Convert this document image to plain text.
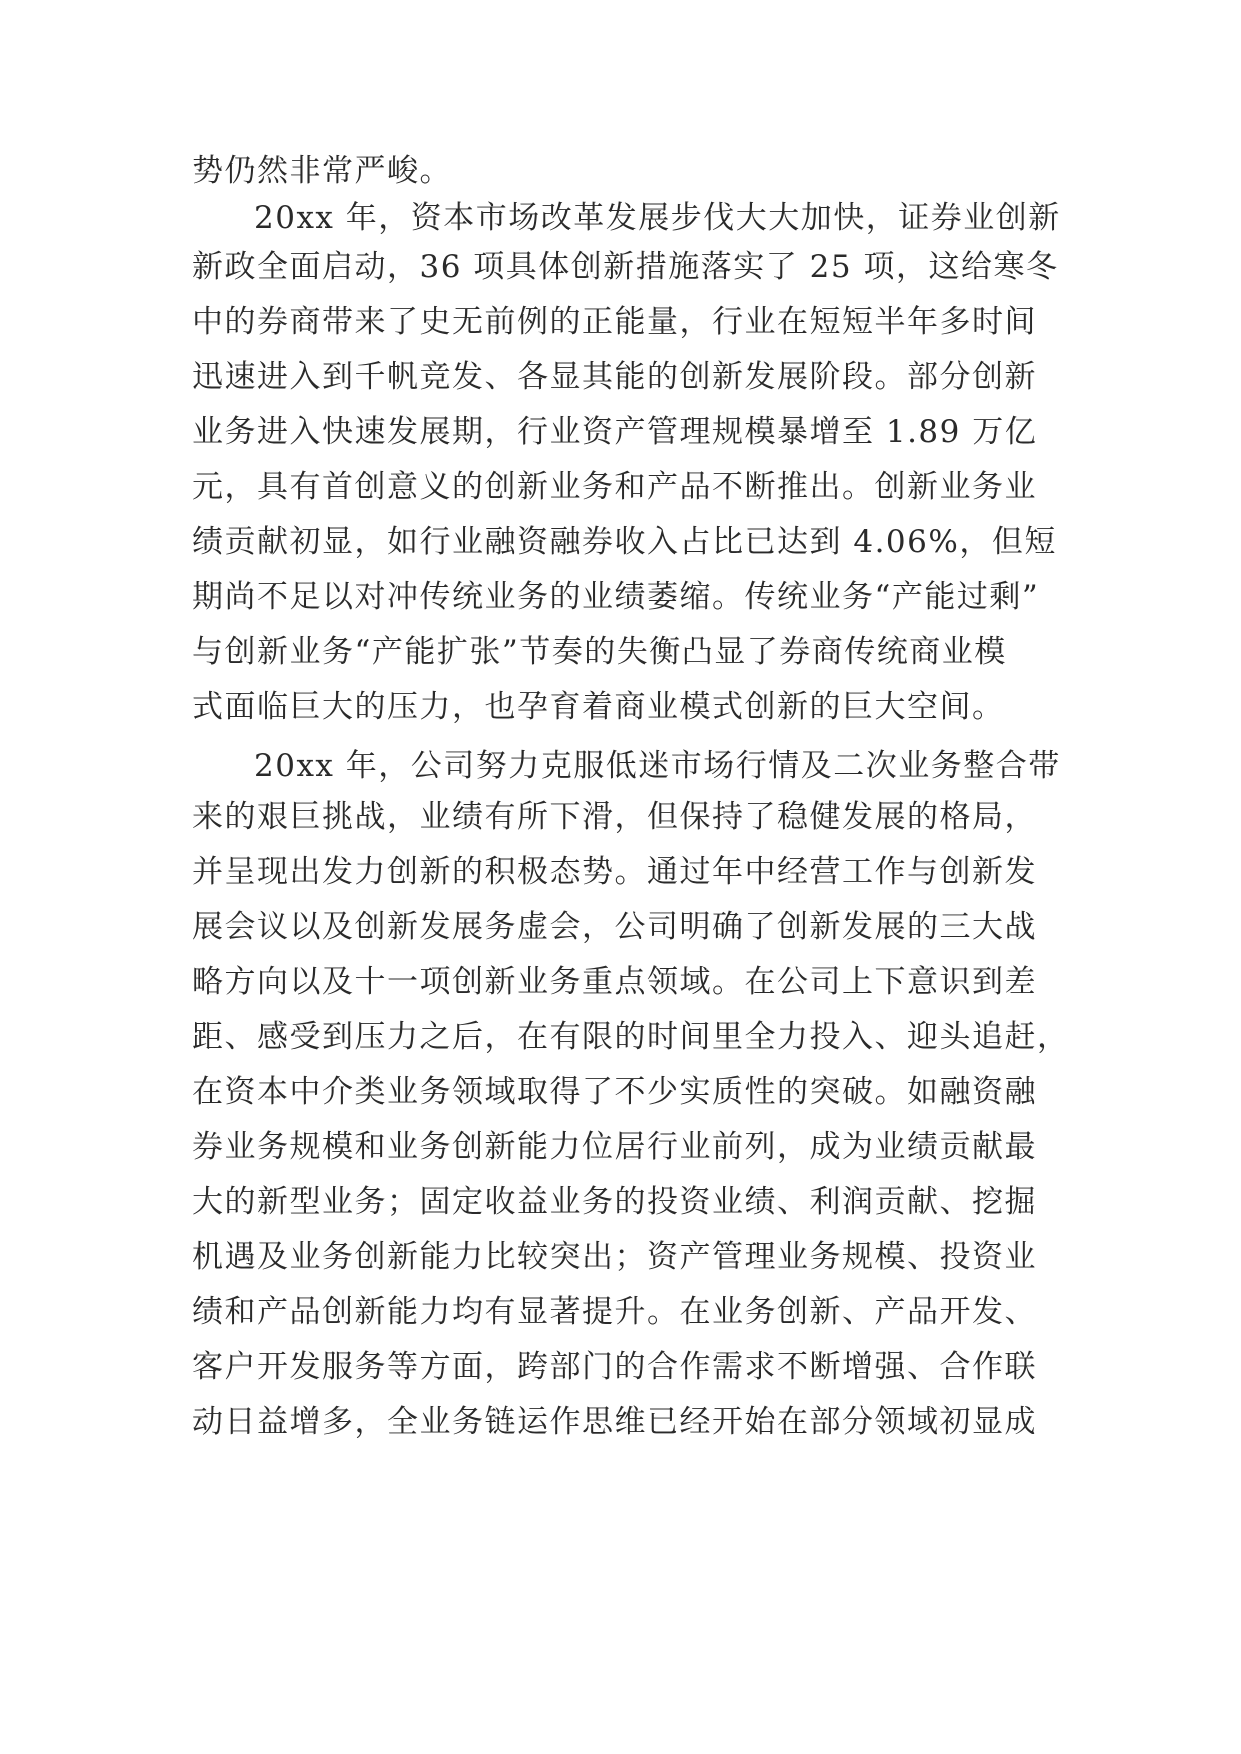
势仍然非常严峻。
20xx 年，资本市场改革发展步伐大大加快，证券业创新
新政全面启动，36 项具体创新措施落实了 25 项，这给寒冬
中的券商带来了史无前例的正能量，行业在短短半年多时间
迅速进入到千帆竞发、各显其能的创新发展阶段。部分创新
业务进入快速发展期，行业资产管理规模暴增至 1.89 万亿
元，具有首创意义的创新业务和产品不断推出。创新业务业
绩贡献初显，如行业融资融券收入占比已达到 4.06%，但短
期尚不足以对冲传统业务的业绩萎缩。传统业务“产能过剩”
与创新业务“产能扩张”节奏的失衡凸显了券商传统商业模
式面临巨大的压力，也孕育着商业模式创新的巨大空间。
20xx 年，公司努力克服低迷市场行情及二次业务整合带
来的艰巨挑战，业绩有所下滑，但保持了稳健发展的格局，
并呈现出发力创新的积极态势。通过年中经营工作与创新发
展会议以及创新发展务虚会，公司明确了创新发展的三大战
略方向以及十一项创新业务重点领域。在公司上下意识到差
距、感受到压力之后，在有限的时间里全力投入、迎头追赶，
在资本中介类业务领域取得了不少实质性的突破。如融资融
券业务规模和业务创新能力位居行业前列，成为业绩贡献最
大的新型业务；固定收益业务的投资业绩、利润贡献、挖掘
机遇及业务创新能力比较突出；资产管理业务规模、投资业
绩和产品创新能力均有显著提升。在业务创新、产品开发、
客户开发服务等方面，跨部门的合作需求不断增强、合作联
动日益增多，全业务链运作思维已经开始在部分领域初显成
